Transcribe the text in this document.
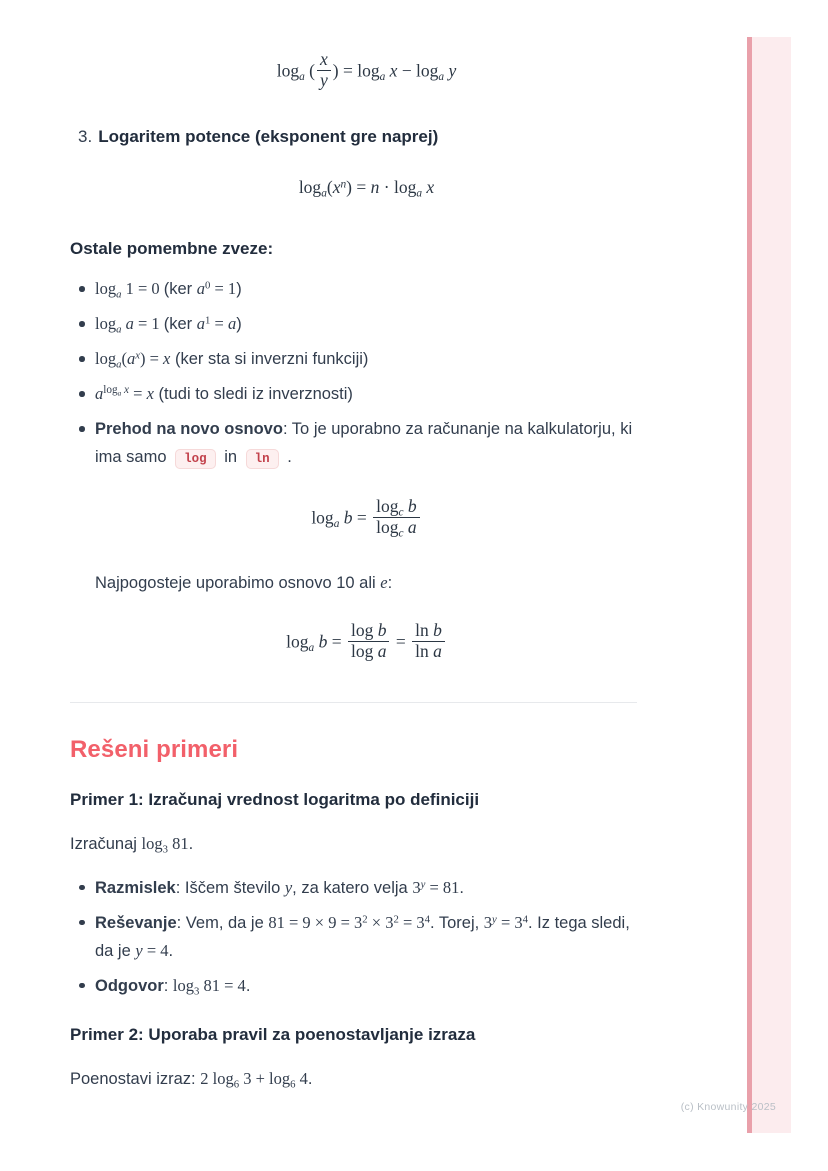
$\log_a$ ( $\frac{x}{y}$ ) = $\log_a x - \log_a y$
3. Logaritem potence (eksponent gre naprej)
$\log_a(x^n) = n \cdot \log_a x$

Ostale pomembne zveze:

$\log_a 1 = 0$ (ker $a^0 = 1$)
$\log_a a = 1$ (ker $a^1 = a$)
$\log_a(a^x) = x$ (ker sta si inverzni funkciji)
$a^{log_a x} = x$ (tudi to sledi iz inverznosti)
Prehod na novo osnovo: To je uporabno za računanje na kalkulatorju, ki ima samo log in ln .
$\log_a b = \frac{\log_c b}{\log_c a}$

Najpogosteje uporabimo osnovo 10 ali e:

$\log_a b = \frac{\text{log b}}{\text{log a}} = \frac{\text{ln b}}{\text{ln a}}$
Rešeni primeri

Primer 1: Izračunaj vrednost logaritma po definiciji

Izračunaj $\log_3 81$.

Razmislek: Iščem število y, za katero velja $3^y = 81$.
Reševanje: Vem, da je $81 = 9 \times 9 = 3^2 \times 3^2 = 3^4$. Torej, $3^y = 3^4$. Iz tega sledi, da je y = 4.
Odgovor: $\log_3 81 = 4$.

Primer 2: Uporaba pravil za poenostavljanje izraza

Poenostavi izraz: 2 $\log_6 3 + \log_6 4$.

(c) Knowunity 2025
